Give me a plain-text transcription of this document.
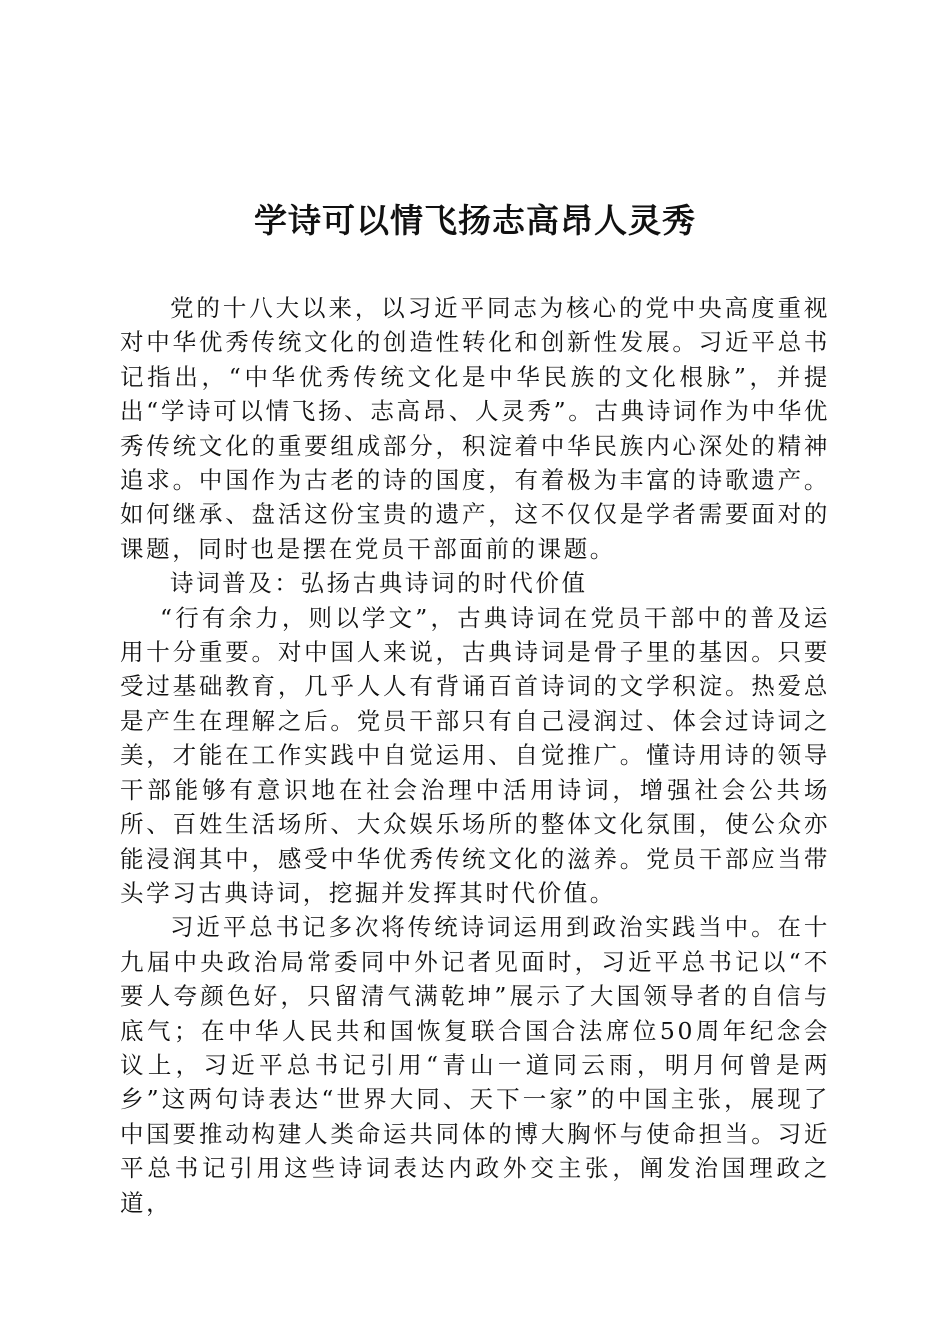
学诗可以情飞扬志高昂人灵秀

党的十八大以来，以习近平同志为核心的党中央高度重视对中华优秀传统文化的创造性转化和创新性发展。习近平总书记指出，“中华优秀传统文化是中华民族的文化根脉”，并提出“学诗可以情飞扬、志高昂、人灵秀”。古典诗词作为中华优秀传统文化的重要组成部分，积淀着中华民族内心深处的精神追求。中国作为古老的诗的国度，有着极为丰富的诗歌遗产。如何继承、盘活这份宝贵的遗产，这不仅仅是学者需要面对的课题，同时也是摆在党员干部面前的课题。

诗词普及：弘扬古典诗词的时代价值

“行有余力，则以学文”，古典诗词在党员干部中的普及运用十分重要。对中国人来说，古典诗词是骨子里的基因。只要受过基础教育，几乎人人有背诵百首诗词的文学积淀。热爱总是产生在理解之后。党员干部只有自己浸润过、体会过诗词之美，才能在工作实践中自觉运用、自觉推广。懂诗用诗的领导干部能够有意识地在社会治理中活用诗词，增强社会公共场所、百姓生活场所、大众娱乐场所的整体文化氛围，使公众亦能浸润其中，感受中华优秀传统文化的滋养。党员干部应当带头学习古典诗词，挖掘并发挥其时代价值。

习近平总书记多次将传统诗词运用到政治实践当中。在十九届中央政治局常委同中外记者见面时，习近平总书记以“不要人夸颜色好，只留清气满乾坤”展示了大国领导者的自信与底气；在中华人民共和国恢复联合国合法席位50周年纪念会议上，习近平总书记引用“青山一道同云雨，明月何曾是两乡”这两句诗表达“世界大同、天下一家”的中国主张，展现了中国要推动构建人类命运共同体的博大胸怀与使命担当。习近平总书记引用这些诗词表达内政外交主张，阐发治国理政之道，
